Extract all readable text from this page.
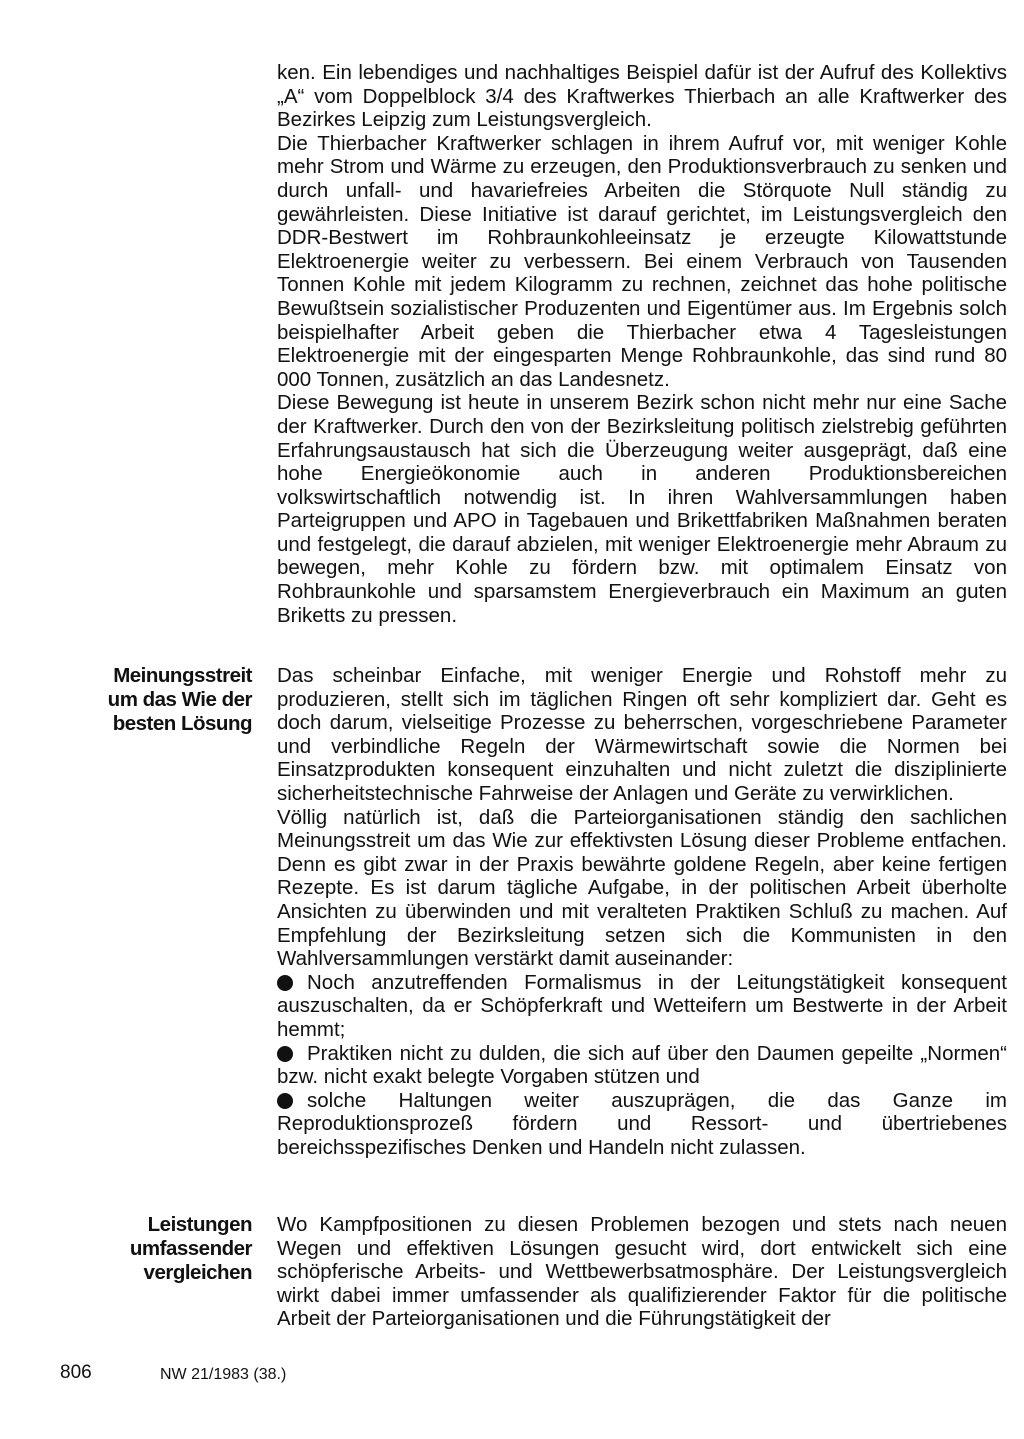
ken. Ein lebendiges und nachhaltiges Beispiel dafür ist der Aufruf des Kollektivs „A“ vom Doppelblock 3/4 des Kraftwerkes Thierbach an alle Kraftwerker des Bezirkes Leipzig zum Leistungsvergleich.

Die Thierbacher Kraftwerker schlagen in ihrem Aufruf vor, mit weniger Kohle mehr Strom und Wärme zu erzeugen, den Produktionsverbrauch zu senken und durch unfall- und havariefreies Arbeiten die Störquote Null ständig zu gewährleisten. Diese Initiative ist darauf gerichtet, im Leistungsvergleich den DDR-Bestwert im Rohbraunkohleeinsatz je erzeugte Kilowattstunde Elektroenergie weiter zu verbessern. Bei einem Verbrauch von Tausenden Tonnen Kohle mit jedem Kilogramm zu rechnen, zeichnet das hohe politische Bewußtsein sozialistischer Produzenten und Eigentümer aus. Im Ergebnis solch beispielhafter Arbeit geben die Thierbacher etwa 4 Tagesleistungen Elektroenergie mit der eingesparten Menge Rohbraunkohle, das sind rund 80 000 Tonnen, zusätzlich an das Landesnetz.

Diese Bewegung ist heute in unserem Bezirk schon nicht mehr nur eine Sache der Kraftwerker. Durch den von der Bezirksleitung politisch zielstrebig geführten Erfahrungsaustausch hat sich die Überzeugung weiter ausgeprägt, daß eine hohe Energieökonomie auch in anderen Produktionsbereichen volkswirtschaftlich notwendig ist. In ihren Wahlversammlungen haben Parteigruppen und APO in Tagebauen und Brikettfabriken Maßnahmen beraten und festgelegt, die darauf abzielen, mit weniger Elektroenergie mehr Abraum zu bewegen, mehr Kohle zu fördern bzw. mit optimalem Einsatz von Rohbraunkohle und sparsamstem Energieverbrauch ein Maximum an guten Briketts zu pressen.

Meinungsstreit
um das Wie der
besten Lösung

Das scheinbar Einfache, mit weniger Energie und Rohstoff mehr zu produzieren, stellt sich im täglichen Ringen oft sehr kompliziert dar. Geht es doch darum, vielseitige Prozesse zu beherrschen, vorgeschriebene Parameter und verbindliche Regeln der Wärmewirtschaft sowie die Normen bei Einsatzprodukten konsequent einzuhalten und nicht zuletzt die disziplinierte sicherheitstechnische Fahrweise der Anlagen und Geräte zu verwirklichen.

Völlig natürlich ist, daß die Parteiorganisationen ständig den sachlichen Meinungsstreit um das Wie zur effektivsten Lösung dieser Probleme entfachen. Denn es gibt zwar in der Praxis bewährte goldene Regeln, aber keine fertigen Rezepte. Es ist darum tägliche Aufgabe, in der politischen Arbeit überholte Ansichten zu überwinden und mit veralteten Praktiken Schluß zu machen. Auf Empfehlung der Bezirksleitung setzen sich die Kommunisten in den Wahlversammlungen verstärkt damit auseinander:

Noch anzutreffenden Formalismus in der Leitungstätigkeit konsequent auszuschalten, da er Schöpferkraft und Wetteifern um Bestwerte in der Arbeit hemmt;

Praktiken nicht zu dulden, die sich auf über den Daumen gepeilte „Normen“ bzw. nicht exakt belegte Vorgaben stützen und

solche Haltungen weiter auszuprägen, die das Ganze im Reproduktionsprozeß fördern und Ressort- und übertriebenes bereichsspezifisches Denken und Handeln nicht zulassen.

Leistungen
umfassender
vergleichen

Wo Kampfpositionen zu diesen Problemen bezogen und stets nach neuen Wegen und effektiven Lösungen gesucht wird, dort entwickelt sich eine schöpferische Arbeits- und Wettbewerbsatmosphäre. Der Leistungsvergleich wirkt dabei immer umfassender als qualifizierender Faktor für die politische Arbeit der Parteiorganisationen und die Führungstätigkeit der

806	NW 21/1983 (38.)
